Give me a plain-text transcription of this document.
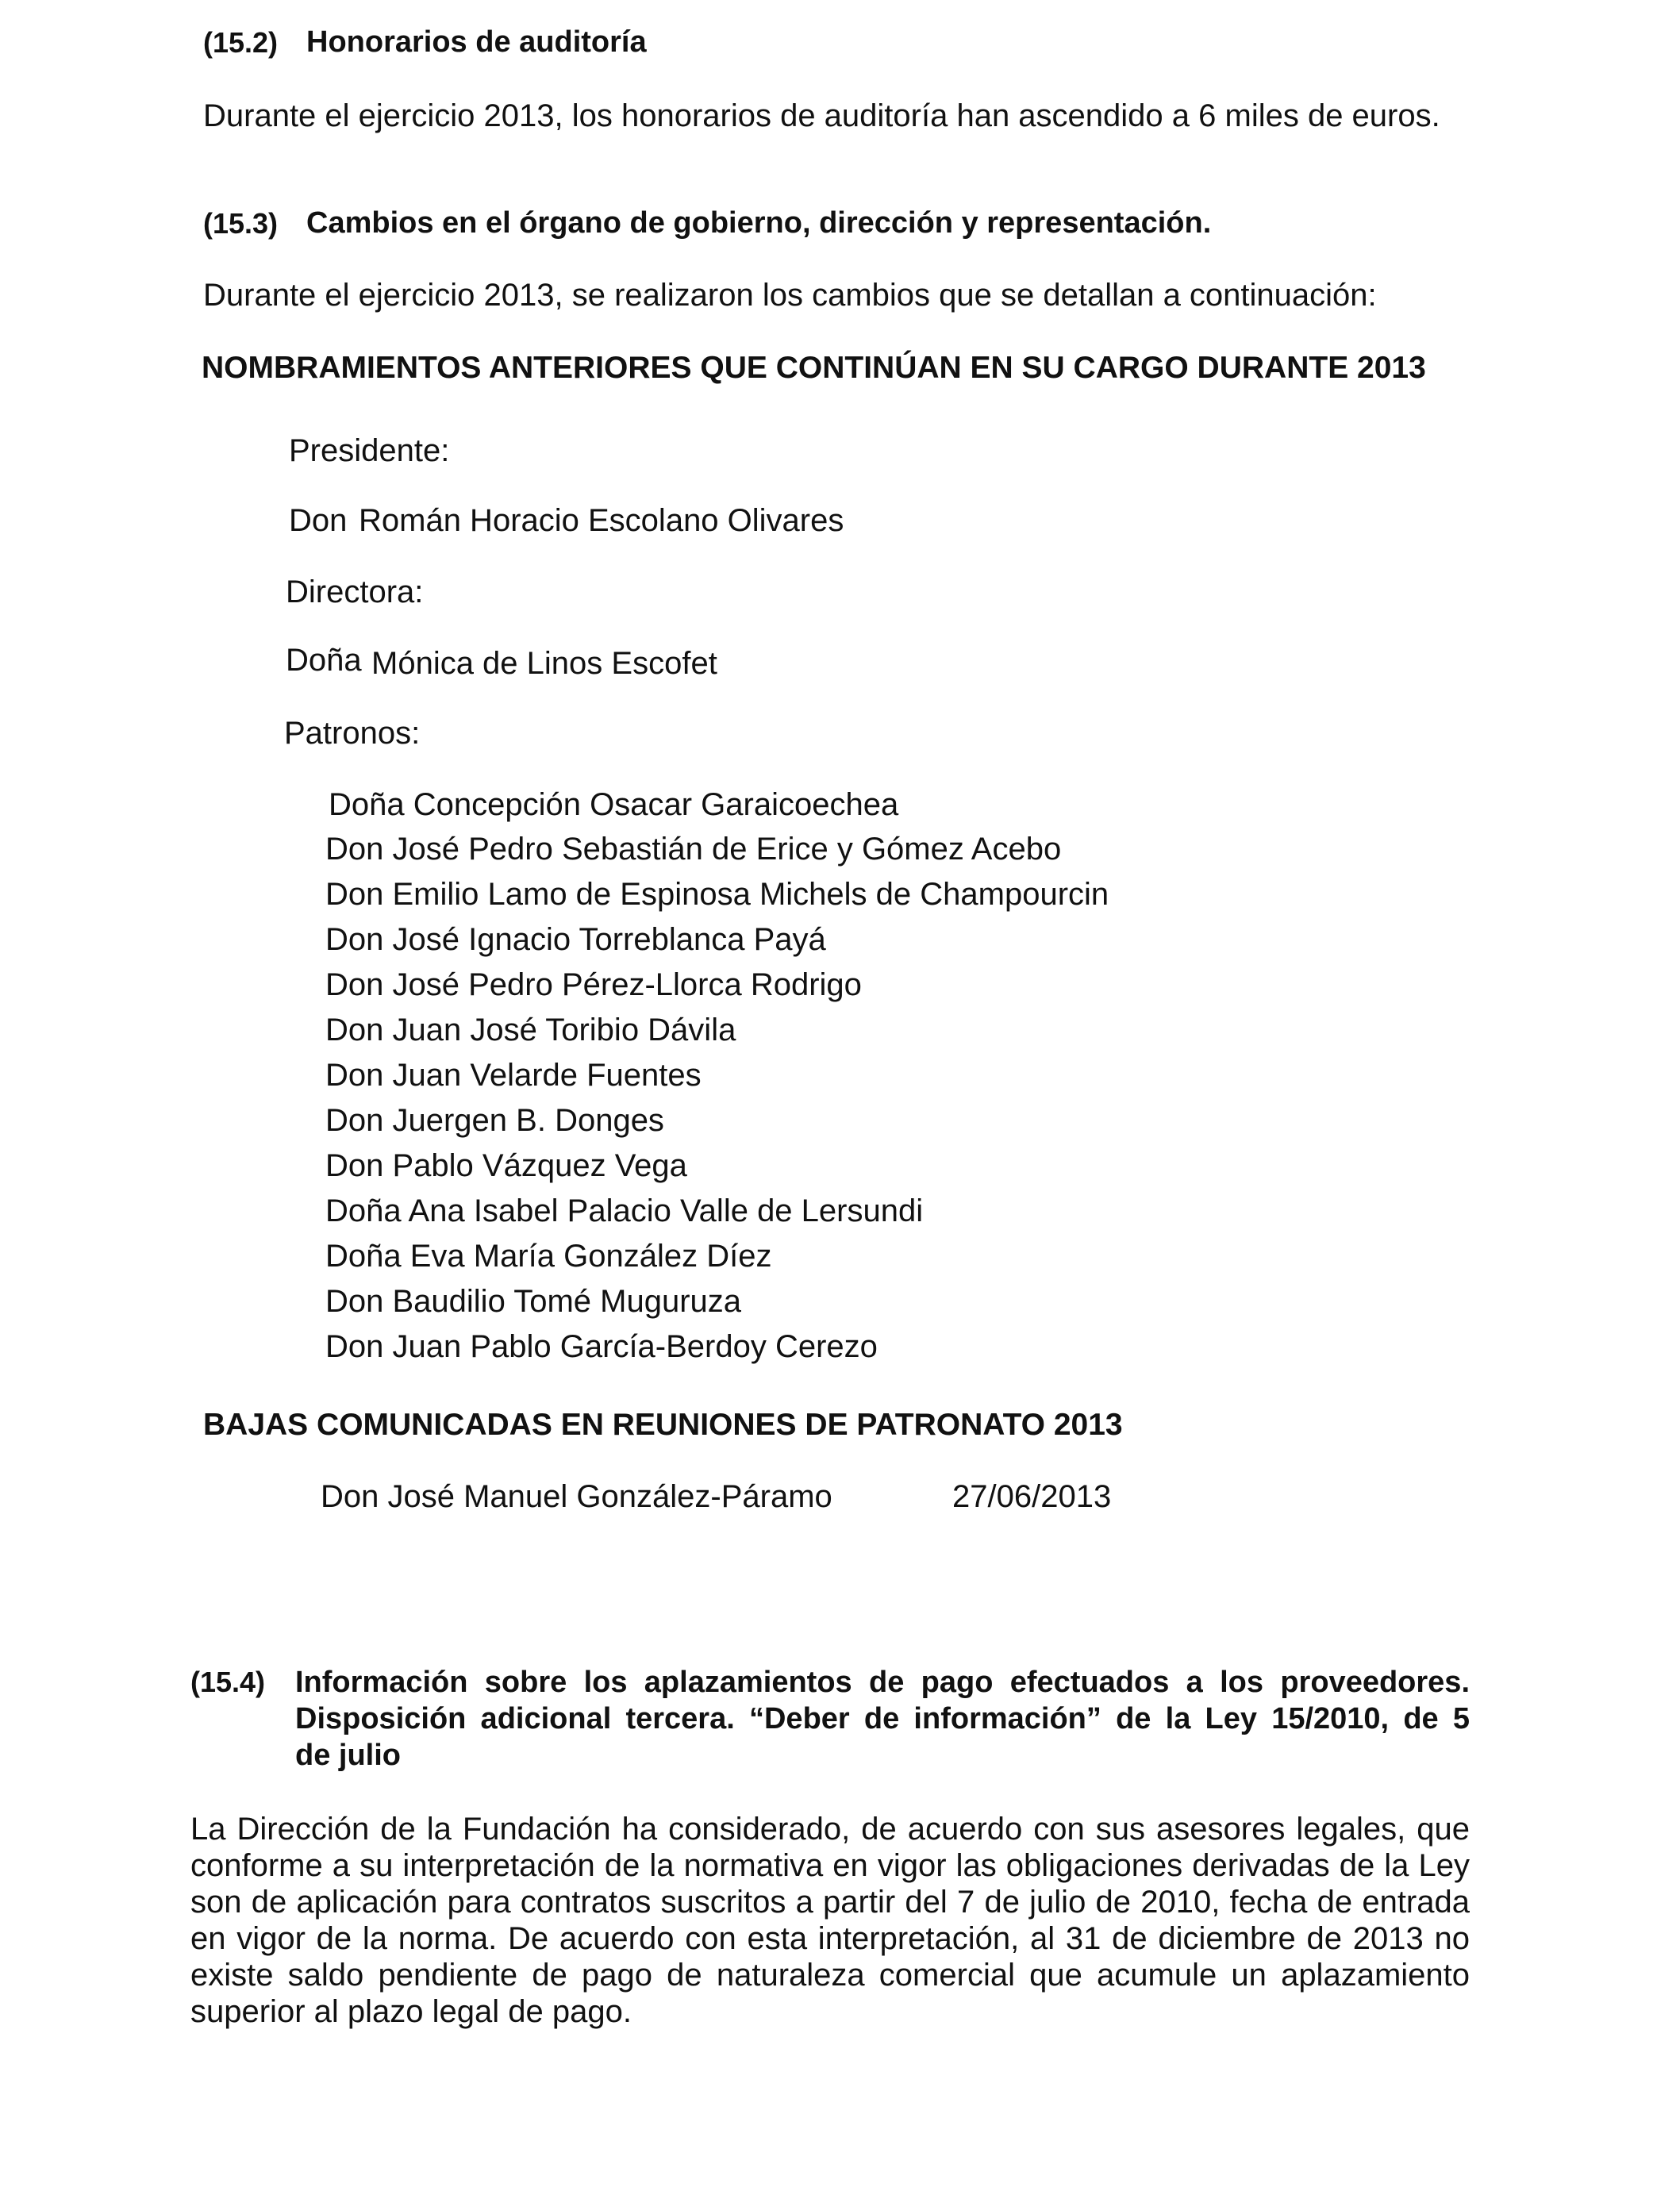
(15.2) Honorarios de auditoría
Durante el ejercicio 2013, los honorarios de auditoría han ascendido a 6 miles de euros.
(15.3) Cambios en el órgano de gobierno, dirección y representación.
Durante el ejercicio 2013, se realizaron los cambios que se detallan a continuación:
NOMBRAMIENTOS ANTERIORES QUE CONTINÚAN EN SU CARGO DURANTE 2013
Presidente:
Don Román Horacio Escolano Olivares
Directora:
Doña Mónica de Linos Escofet
Patronos:
Doña Concepción Osacar Garaicoechea
Don José Pedro Sebastián de Erice y Gómez Acebo
Don Emilio Lamo de Espinosa Michels de Champourcin
Don José Ignacio Torreblanca Payá
Don José Pedro Pérez-Llorca Rodrigo
Don Juan José Toribio Dávila
Don Juan Velarde Fuentes
Don Juergen B. Donges
Don Pablo Vázquez Vega
Doña Ana Isabel Palacio Valle de Lersundi
Doña Eva María González Díez
Don Baudilio Tomé Muguruza
Don Juan Pablo García-Berdoy Cerezo
BAJAS COMUNICADAS EN REUNIONES DE PATRONATO 2013
Don José Manuel González-Páramo	27/06/2013
(15.4) Información sobre los aplazamientos de pago efectuados a los proveedores.
Disposición adicional tercera. “Deber de información” de la Ley 15/2010, de 5
de julio
La Dirección de la Fundación ha considerado, de acuerdo con sus asesores legales, que conforme a su interpretación de la normativa en vigor las obligaciones derivadas de la Ley son de aplicación para contratos suscritos a partir del 7 de julio de 2010, fecha de entrada en vigor de la norma. De acuerdo con esta interpretación, al 31 de diciembre de 2013 no existe saldo pendiente de pago de naturaleza comercial que acumule un aplazamiento superior al plazo legal de pago.
